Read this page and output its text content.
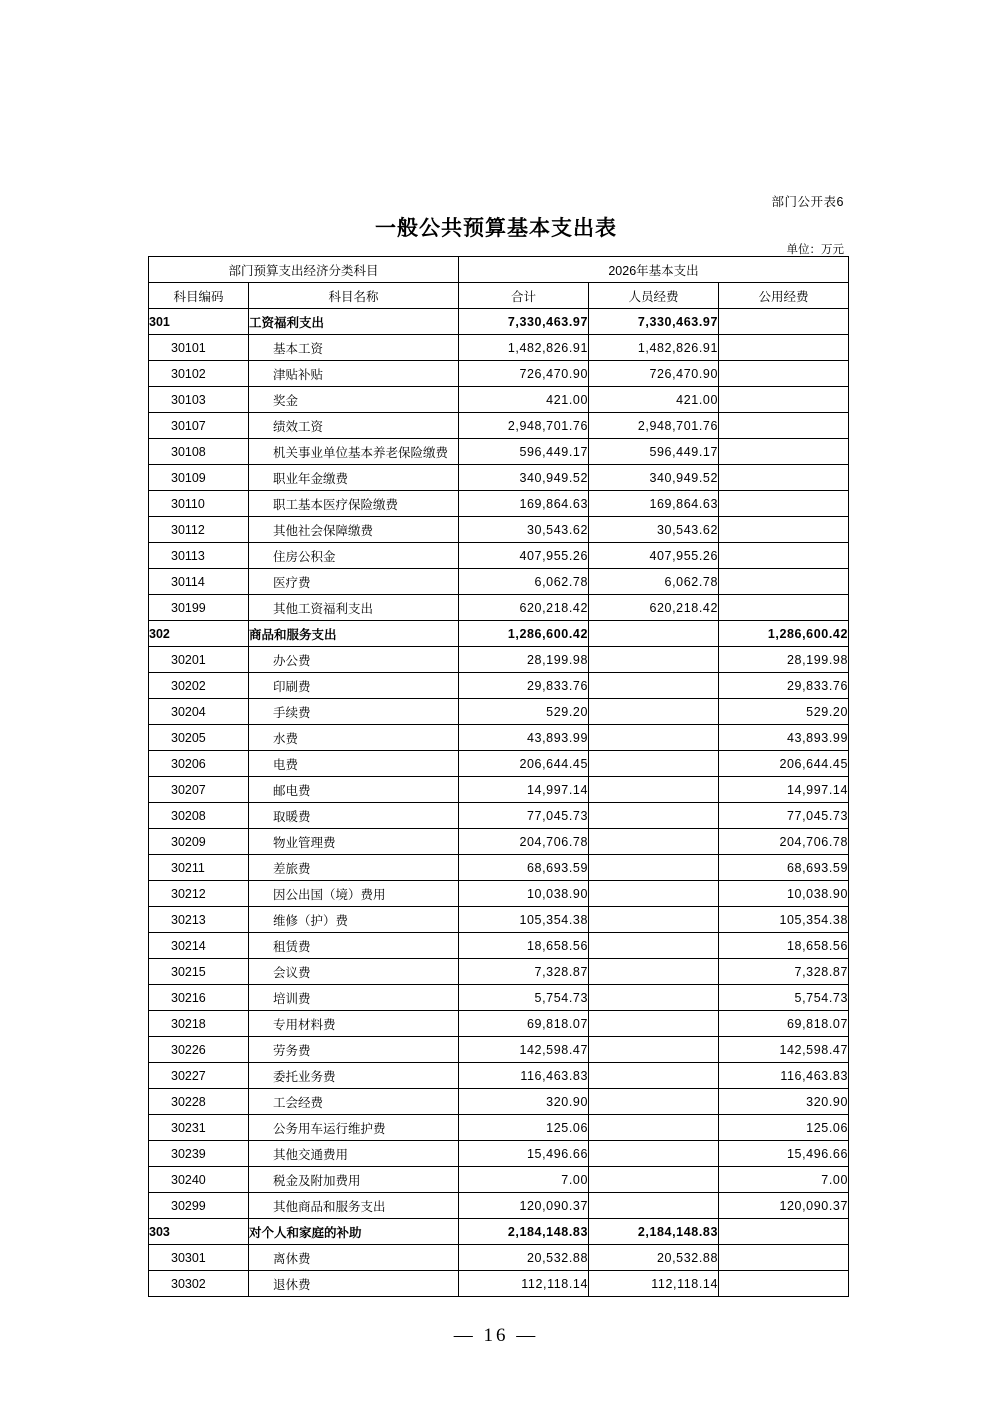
部门公开表6
一般公共预算基本支出表
单位：万元
部门预算支出经济分类科目		2026年基本支出		
科目编码	科目名称	合计	人员经费	公用经费
301	工资福利支出	7,330,463.97	7,330,463.97	
30101	基本工资	1,482,826.91	1,482,826.91	
30102	津贴补贴	726,470.90	726,470.90	
30103	奖金	421.00	421.00	
30107	绩效工资	2,948,701.76	2,948,701.76	
30108	机关事业单位基本养老保险缴费	596,449.17	596,449.17	
30109	职业年金缴费	340,949.52	340,949.52	
30110	职工基本医疗保险缴费	169,864.63	169,864.63	
30112	其他社会保障缴费	30,543.62	30,543.62	
30113	住房公积金	407,955.26	407,955.26	
30114	医疗费	6,062.78	6,062.78	
30199	其他工资福利支出	620,218.42	620,218.42	
302	商品和服务支出	1,286,600.42		1,286,600.42
30201	办公费	28,199.98		28,199.98
30202	印刷费	29,833.76		29,833.76
30204	手续费	529.20		529.20
30205	水费	43,893.99		43,893.99
30206	电费	206,644.45		206,644.45
30207	邮电费	14,997.14		14,997.14
30208	取暖费	77,045.73		77,045.73
30209	物业管理费	204,706.78		204,706.78
30211	差旅费	68,693.59		68,693.59
30212	因公出国（境）费用	10,038.90		10,038.90
30213	维修（护）费	105,354.38		105,354.38
30214	租赁费	18,658.56		18,658.56
30215	会议费	7,328.87		7,328.87
30216	培训费	5,754.73		5,754.73
30218	专用材料费	69,818.07		69,818.07
30226	劳务费	142,598.47		142,598.47
30227	委托业务费	116,463.83		116,463.83
30228	工会经费	320.90		320.90
30231	公务用车运行维护费	125.06		125.06
30239	其他交通费用	15,496.66		15,496.66
30240	税金及附加费用	7.00		7.00
30299	其他商品和服务支出	120,090.37		120,090.37
303	对个人和家庭的补助	2,184,148.83	2,184,148.83	
30301	离休费	20,532.88	20,532.88	
30302	退休费	112,118.14	112,118.14	
— 16 —
